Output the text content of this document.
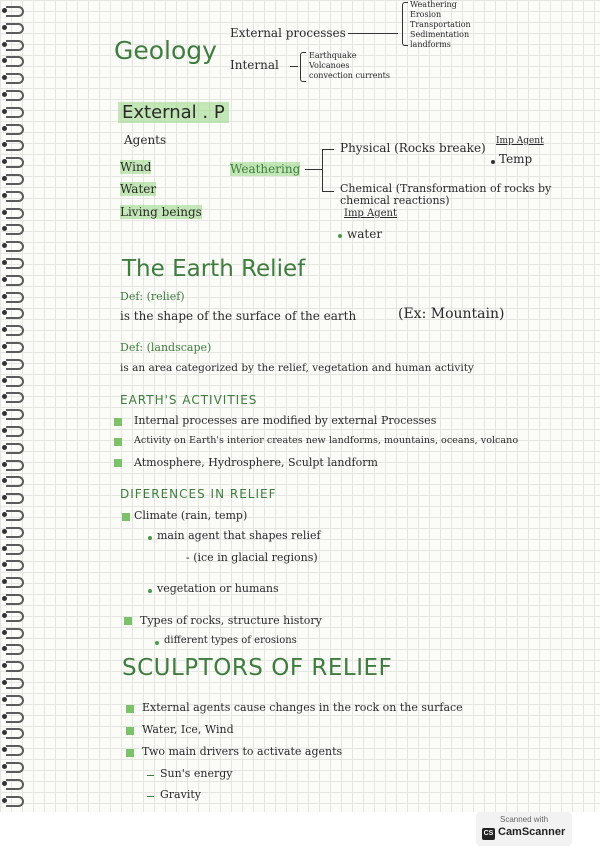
Geology
External processes
Weathering
Erosion
Transportation
Sedimentation
landforms
Internal
Earthquake
Volcanoes
convection currents
External . P
Agents
Wind
Water
Living beings
Weathering
Physical (Rocks breake) Imp Agent
Temp
Chemical (Transformation of rocks by chemical reactions)
Imp Agent
water
The Earth Relief
Def: (relief)
is the shape of the surface of the earth	(Ex: Mountain)
Def: (landscape)
is an area categorized by the relief, vegetation and human activity
EARTH'S ACTIVITIES
Internal processes are modified by external Processes
Activity on Earth's interior creates new landforms, mountains, oceans, volcano
Atmosphere, Hydrosphere, Sculpt landform
DIFERENCES IN RELIEF
Climate (rain, temp)
main agent that shapes relief
- (ice in glacial regions)
vegetation or humans
Types of rocks, structure history
different types of erosions
SCULPTORS OF RELIEF
External agents cause changes in the rock on the surface
Water, Ice, Wind
Two main drivers to activate agents
Sun's energy
Gravity
Scanned with
CS CamScanner
